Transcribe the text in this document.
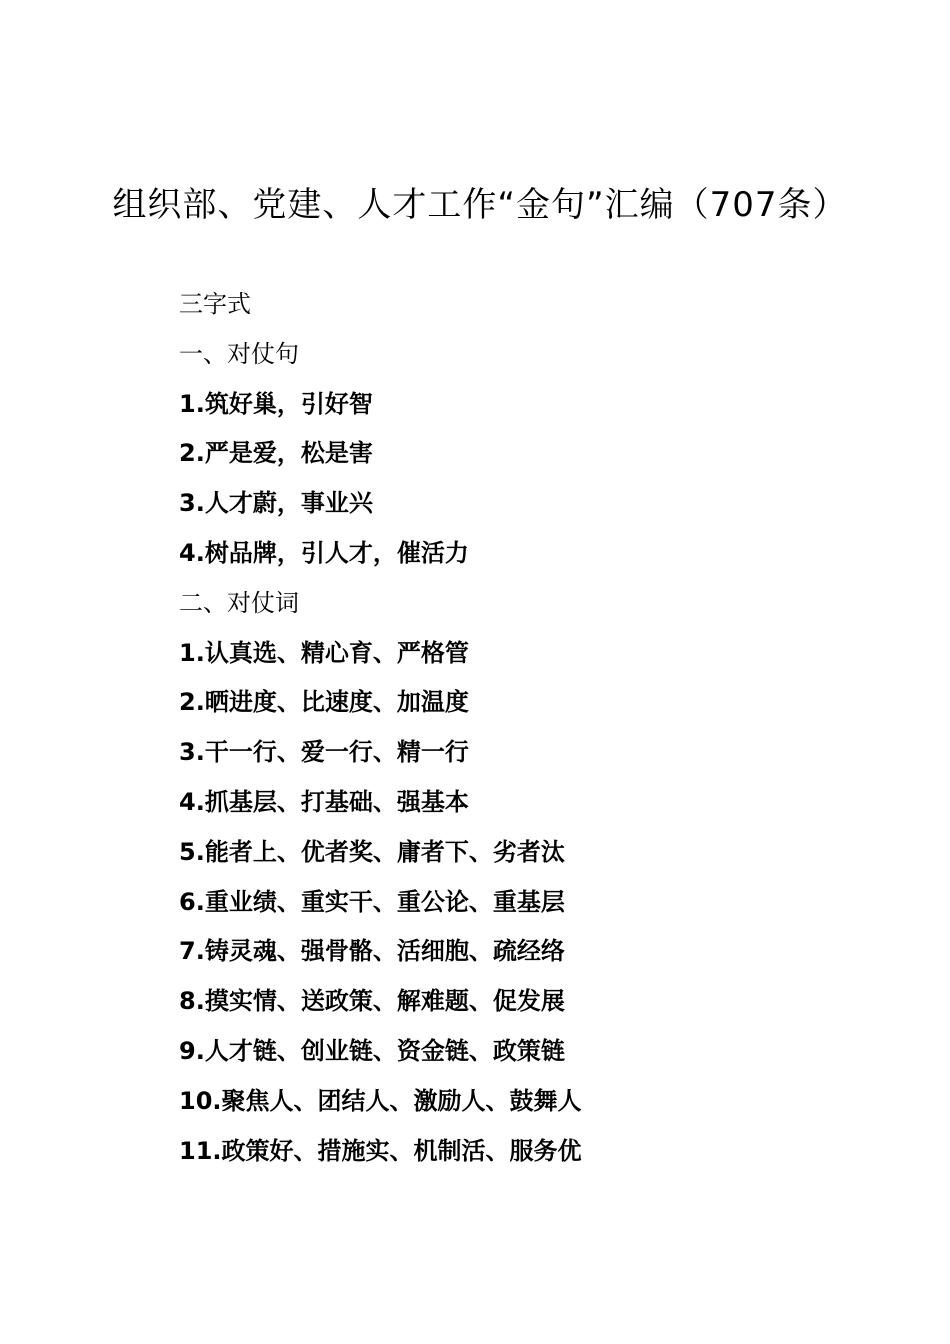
组织部、党建、人才工作“金句”汇编（707条）
三字式
一、对仗句
1.筑好巢，引好智
2.严是爱，松是害
3.人才蔚，事业兴
4.树品牌，引人才，催活力
二、对仗词
1.认真选、精心育、严格管
2.晒进度、比速度、加温度
3.干一行、爱一行、精一行
4.抓基层、打基础、强基本
5.能者上、优者奖、庸者下、劣者汰
6.重业绩、重实干、重公论、重基层
7.铸灵魂、强骨骼、活细胞、疏经络
8.摸实情、送政策、解难题、促发展
9.人才链、创业链、资金链、政策链
10.聚焦人、团结人、激励人、鼓舞人
11.政策好、措施实、机制活、服务优
